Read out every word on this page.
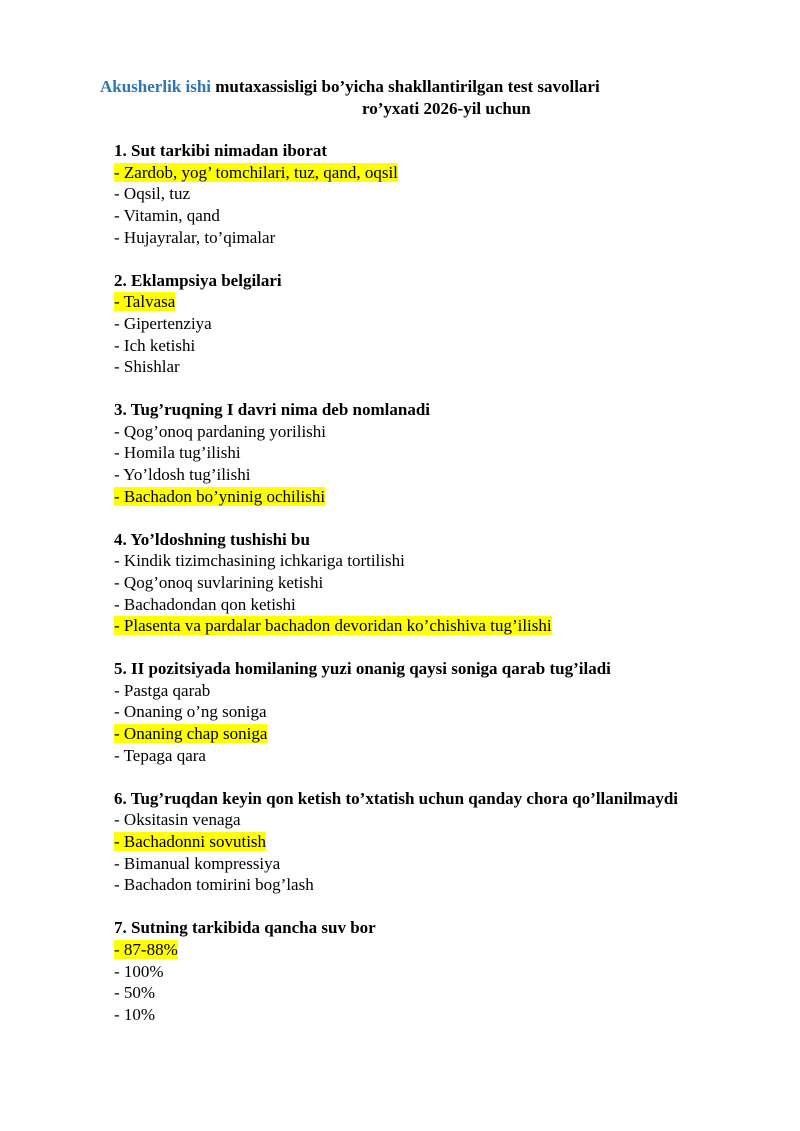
Akusherlik ishi mutaxassisligi bo’yicha shakllantirilgan test savollari
ro’yxati 2026-yil uchun
1. Sut tarkibi nimadan iborat
- Zardob, yog’ tomchilari, tuz, qand, oqsil
- Oqsil, tuz
- Vitamin, qand
- Hujayralar, to’qimalar
2. Eklampsiya belgilari
- Talvasa
- Gipertenziya
- Ich ketishi
- Shishlar
3. Tug’ruqning I davri nima deb nomlanadi
- Qog’onoq pardaning yorilishi
- Homila tug’ilishi
- Yo’ldosh tug’ilishi
- Bachadon bo’yninig ochilishi
4. Yo’ldoshning tushishi bu
- Kindik tizimchasining ichkariga tortilishi
- Qog’onoq suvlarining ketishi
- Bachadondan qon ketishi
- Plasenta va pardalar bachadon devoridan ko’chishiva tug’ilishi
5. II pozitsiyada homilaning yuzi onanig qaysi soniga qarab tug’iladi
- Pastga qarab
- Onaning o’ng soniga
- Onaning chap soniga
- Tepaga qara
6. Tug’ruqdan keyin qon ketish to’xtatish uchun qanday chora qo’llanilmaydi
- Oksitasin venaga
- Bachadonni sovutish
- Bimanual kompressiya
- Bachadon tomirini bog’lash
7. Sutning tarkibida qancha suv bor
- 87-88%
- 100%
- 50%
- 10%
